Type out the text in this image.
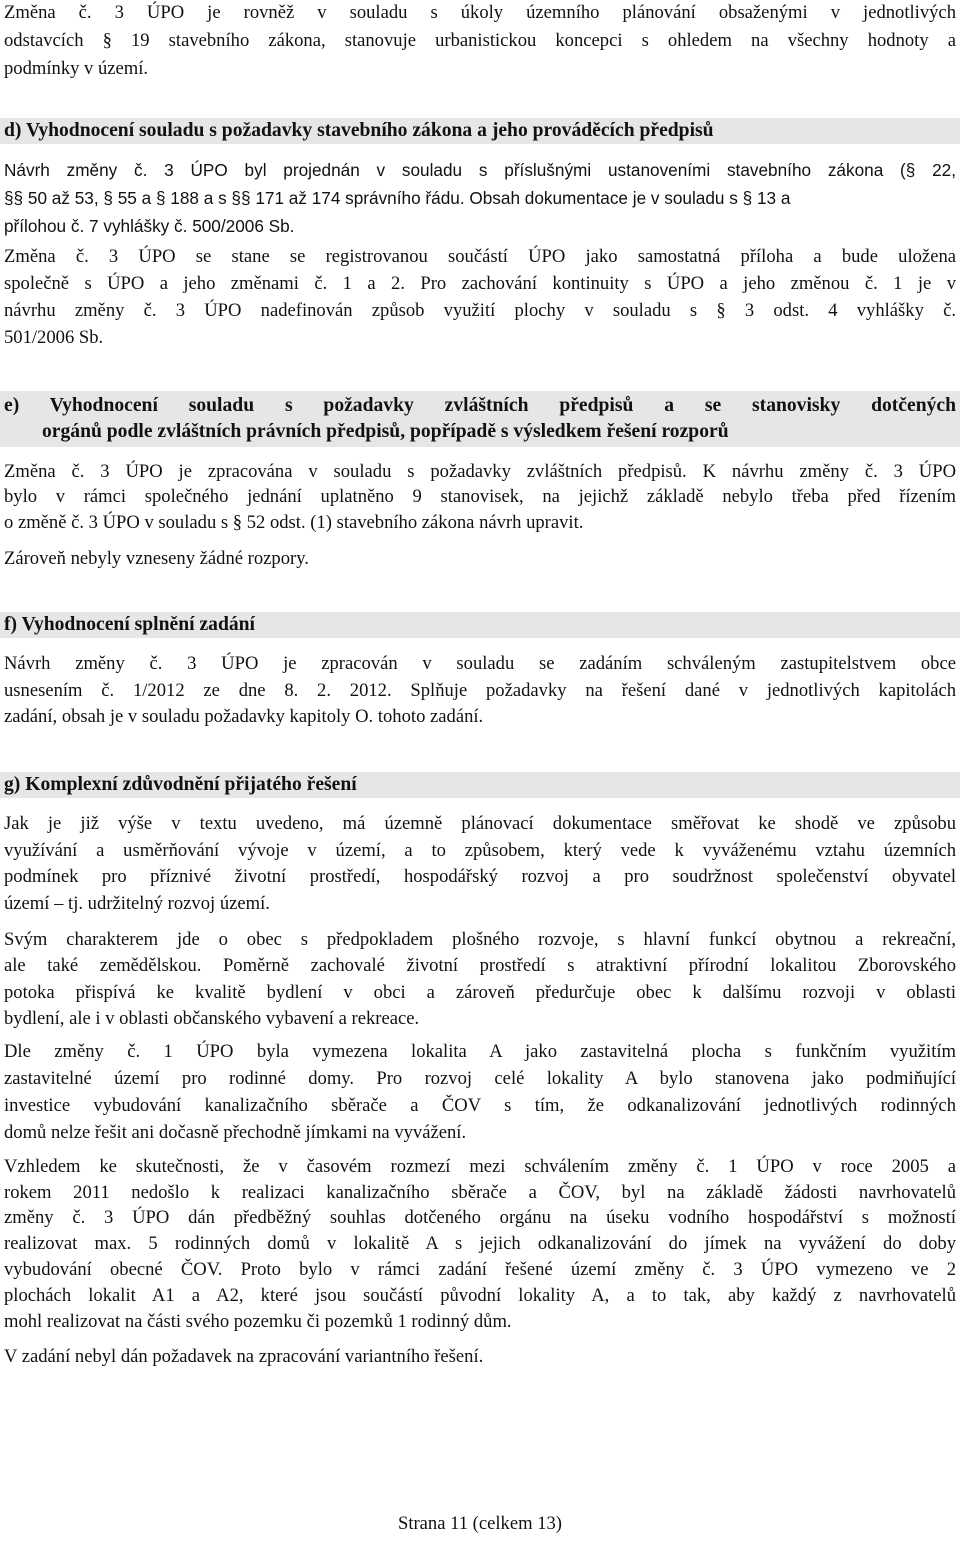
Změna č. 3 ÚPO je rovněž v souladu s úkoly územního plánování obsaženými v jednotlivých
odstavcích § 19 stavebního zákona, stanovuje urbanistickou koncepci s ohledem na všechny hodnoty a
podmínky v území.
d) Vyhodnocení souladu s požadavky stavebního zákona a jeho prováděcích předpisů
Návrh změny č. 3 ÚPO byl projednán v souladu s příslušnými ustanoveními stavebního zákona (§ 22,
§§ 50 až 53, § 55 a § 188 a s §§ 171 až 174 správního řádu. Obsah dokumentace je v souladu s § 13 a
přílohou č. 7 vyhlášky č. 500/2006 Sb.
Změna č. 3 ÚPO se stane se registrovanou součástí ÚPO jako samostatná příloha a bude uložena
společně s ÚPO a jeho změnami č. 1 a 2. Pro zachování kontinuity s ÚPO a jeho změnou č. 1 je v
návrhu změny č. 3 ÚPO nadefinován způsob využití plochy v souladu s § 3 odst. 4 vyhlášky č.
501/2006 Sb.
e) Vyhodnocení souladu s požadavky zvláštních předpisů a se stanovisky dotčených
orgánů podle zvláštních právních předpisů, popřípadě s výsledkem řešení rozporů
Změna č. 3 ÚPO je zpracována v souladu s požadavky zvláštních předpisů. K návrhu změny č. 3 ÚPO
bylo v rámci společného jednání uplatněno 9 stanovisek, na jejichž základě nebylo třeba před řízením
o změně č. 3 ÚPO v souladu s § 52 odst. (1) stavebního zákona návrh upravit.
Zároveň nebyly vzneseny žádné rozpory.
f) Vyhodnocení splnění zadání
Návrh změny č. 3 ÚPO je zpracován v souladu se zadáním schváleným zastupitelstvem obce
usnesením č. 1/2012 ze dne 8. 2. 2012. Splňuje požadavky na řešení dané v jednotlivých kapitolách
zadání, obsah je v souladu požadavky kapitoly O. tohoto zadání.
g) Komplexní zdůvodnění přijatého řešení
Jak je již výše v textu uvedeno, má územně plánovací dokumentace směřovat ke shodě ve způsobu
využívání a usměrňování vývoje v území, a to způsobem, který vede k vyváženému vztahu územních
podmínek pro příznivé životní prostředí, hospodářský rozvoj a pro soudržnost společenství obyvatel
území – tj. udržitelný rozvoj území.
Svým charakterem jde o obec s předpokladem plošného rozvoje, s hlavní funkcí obytnou a rekreační,
ale také zemědělskou. Poměrně zachovalé životní prostředí s atraktivní přírodní lokalitou Zborovského
potoka přispívá ke kvalitě bydlení v obci a zároveň předurčuje obec k dalšímu rozvoji v oblasti
bydlení, ale i v oblasti občanského vybavení a rekreace.
Dle změny č. 1 ÚPO byla vymezena lokalita A jako zastavitelná plocha s funkčním využitím
zastavitelné území pro rodinné domy. Pro rozvoj celé lokality A bylo stanovena jako podmiňující
investice vybudování kanalizačního sběrače a ČOV s tím, že odkanalizování jednotlivých rodinných
domů nelze řešit ani dočasně přechodně jímkami na vyvážení.
Vzhledem ke skutečnosti, že v časovém rozmezí mezi schválením změny č. 1 ÚPO v roce 2005 a
rokem 2011 nedošlo k realizaci kanalizačního sběrače a ČOV, byl na základě žádosti navrhovatelů
změny č. 3 ÚPO dán předběžný souhlas dotčeného orgánu na úseku vodního hospodářství s možností
realizovat max. 5 rodinných domů v lokalitě A s jejich odkanalizování do jímek na vyvážení do doby
vybudování obecné ČOV. Proto bylo v rámci zadání řešené území změny č. 3 ÚPO vymezeno ve 2
plochách lokalit A1 a A2, které jsou součástí původní lokality A, a to tak, aby každý z navrhovatelů
mohl realizovat na části svého pozemku či pozemků 1 rodinný dům.
V zadání nebyl dán požadavek na zpracování variantního řešení.
Strana 11 (celkem 13)
